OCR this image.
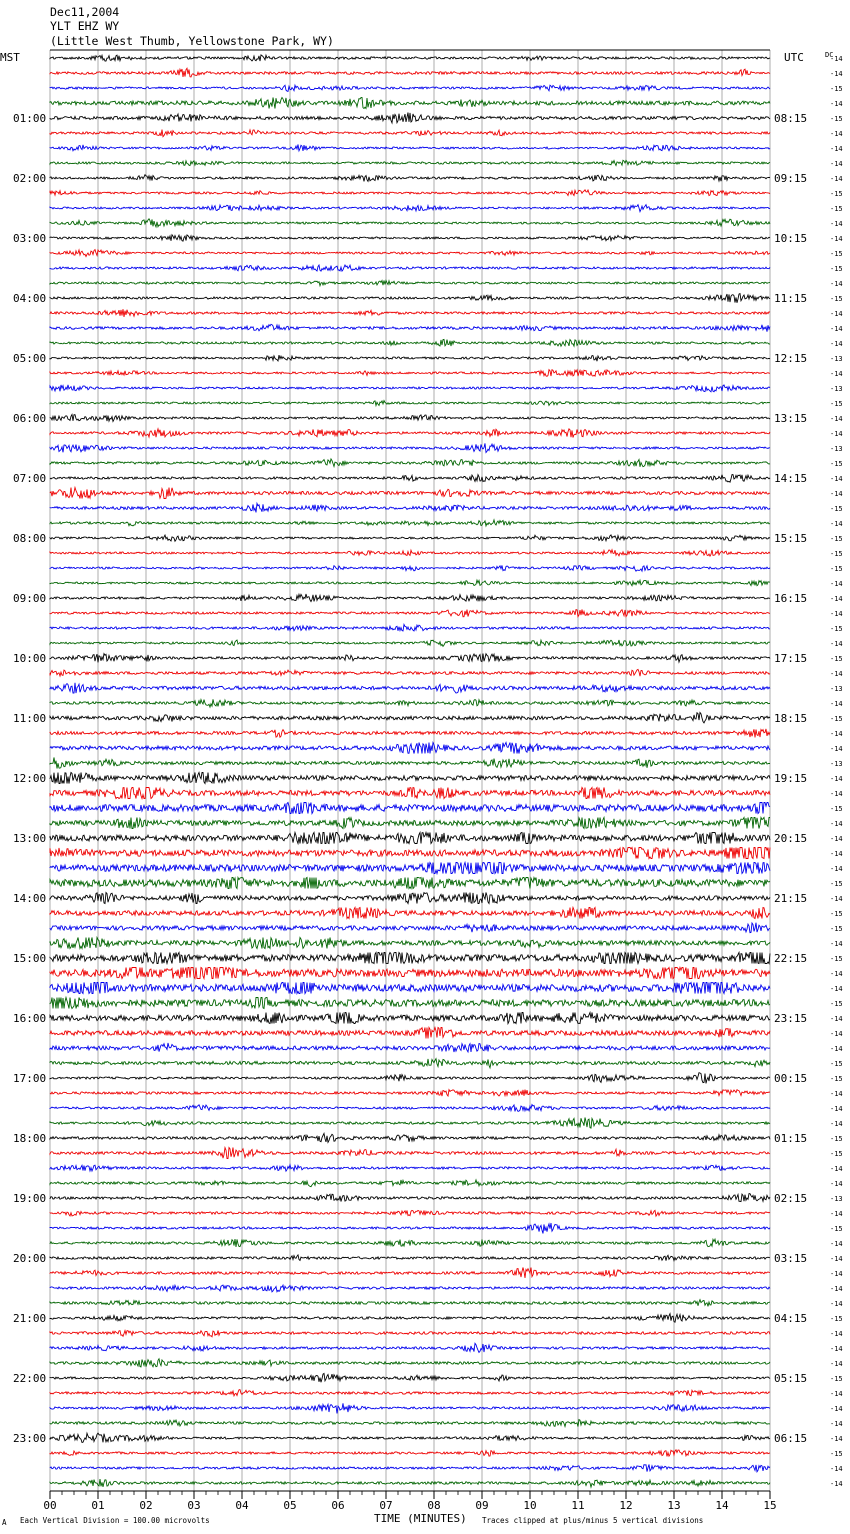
Dec11,2004
YLT EHZ WY
(Little West Thumb, Yellowstone Park, WY)
MST	UTC	DC
01:00
02:00
03:00
04:00
05:00
06:00
07:00
08:00
09:00
10:00
11:00
12:00
13:00
14:00
15:00
16:00
17:00
18:00
19:00
20:00
21:00
22:00
23:00
08:15
09:15
10:15
11:15
12:15
13:15
14:15
15:15
16:15
17:15
18:15
19:15
20:15
21:15
22:15
23:15
00:15
01:15
02:15
03:15
04:15
05:15
06:15
-14
-14
-15
-14
-15
-14
-14
-14
-14
-15
-15
-14
-14
-15
-15
-14
-15
-14
-14
-14
-13
-14
-13
-15
-14
-14
-13
-15
-14
-14
-15
-14
-15
-15
-15
-14
-14
-14
-15
-14
-15
-14
-13
-14
-15
-14
-14
-13
-14
-14
-15
-14
-14
-14
-14
-15
-14
-15
-15
-14
-15
-14
-14
-15
-14
-14
-14
-15
-15
-14
-14
-14
-15
-15
-14
-14
-13
-14
-15
-14
-14
-14
-14
-14
-15
-14
-14
-14
-15
-14
-14
-14
-14
-15
-14
-14
00	01	02	03	04	05	06	07	08	09	10	11	12	13	14	15
TIME (MINUTES)
A Each Vertical Division = 100.00 microvolts	Traces clipped at plus/minus 5 vertical divisions
